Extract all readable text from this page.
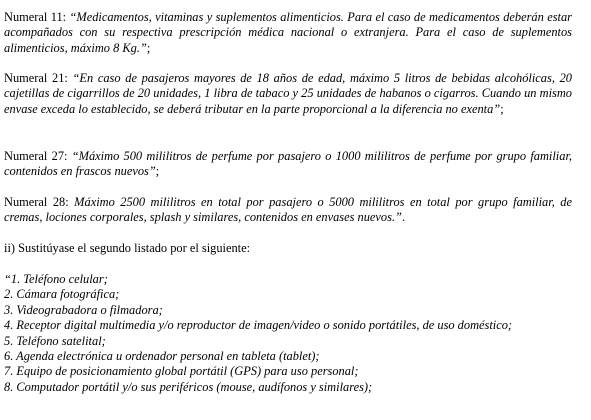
Numeral 11: “Medicamentos, vitaminas y suplementos alimenticios. Para el caso de medicamentos deberán estar acompañados con su respectiva prescripción médica nacional o extranjera. Para el caso de suplementos alimenticios, máximo 8 Kg.”;

Numeral 21: “En caso de pasajeros mayores de 18 años de edad, máximo 5 litros de bebidas alcohólicas, 20 cajetillas de cigarrillos de 20 unidades, 1 libra de tabaco y 25 unidades de habanos o cigarros. Cuando un mismo envase exceda lo establecido, se deberá tributar en la parte proporcional a la diferencia no exenta”;

Numeral 27: “Máximo 500 mililitros de perfume por pasajero o 1000 mililitros de perfume por grupo familiar, contenidos en frascos nuevos”;

Numeral 28: Máximo 2500 mililitros en total por pasajero o 5000 mililitros en total por grupo familiar, de cremas, lociones corporales, splash y similares, contenidos en envases nuevos.”.

ii) Sustitúyase el segundo listado por el siguiente:

“1. Teléfono celular;
2. Cámara fotográfica;
3. Videograbadora o filmadora;
4. Receptor digital multimedia y/o reproductor de imagen/video o sonido portátiles, de uso doméstico;
5. Teléfono satelital;
6. Agenda electrónica u ordenador personal en tableta (tablet);
7. Equipo de posicionamiento global portátil (GPS) para uso personal;
8. Computador portátil y/o sus periféricos (mouse, audífonos y similares);
